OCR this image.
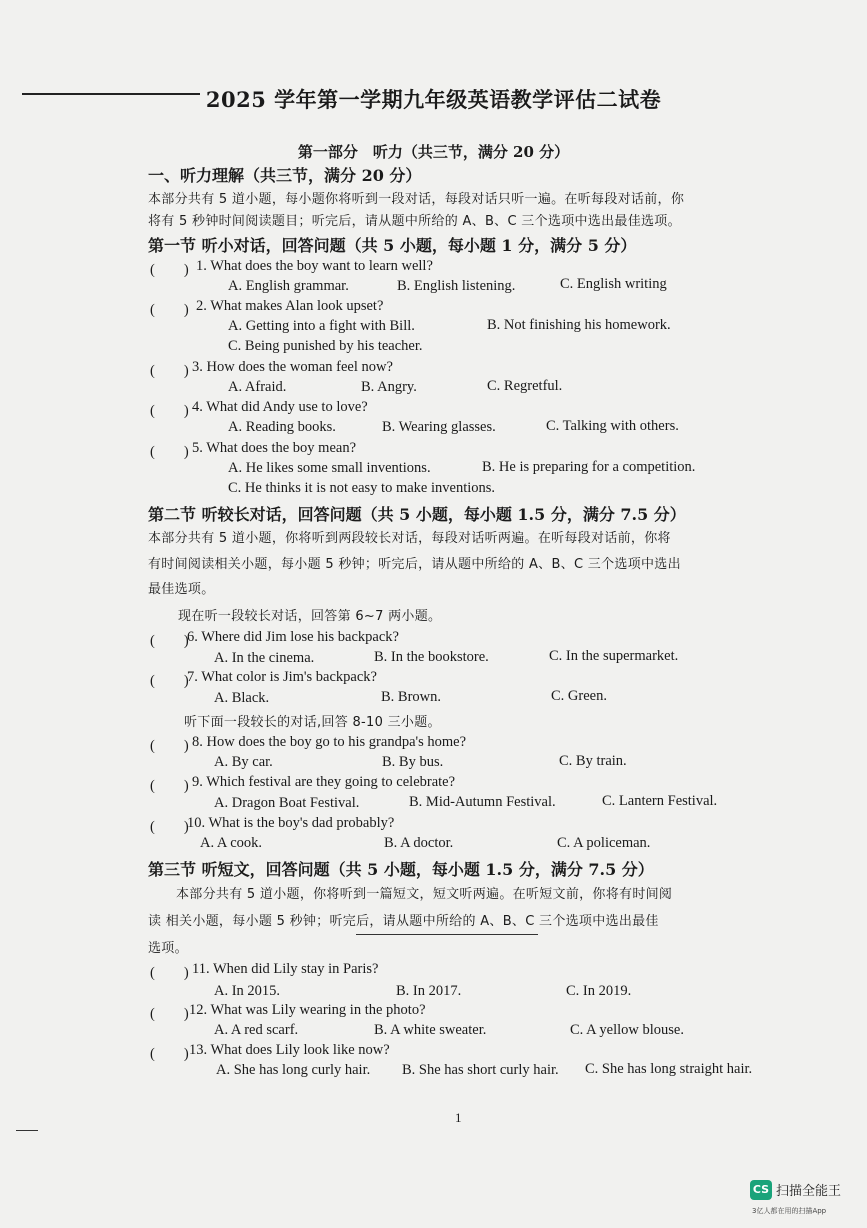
2025 学年第一学期九年级英语教学评估二试卷
第一部分　听力（共三节，满分 20 分）
一、听力理解（共三节，满分 20 分）
本部分共有 5 道小题，每小题你将听到一段对话，每段对话只听一遍。在听每段对话前，你
将有 5 秒钟时间阅读题目；听完后，请从题中所给的 A、B、C 三个选项中选出最佳选项。
第一节 听小对话，回答问题（共 5 小题，每小题 1 分，满分 5 分）
(　　) 1. What does the boy want to learn well?
A. English grammar.	B. English listening.	C. English writing
(　　) 2. What makes Alan look upset?
A. Getting into a fight with Bill.	B. Not finishing his homework.
C. Being punished by his teacher.
(　　) 3. How does the woman feel now?
A. Afraid.	B. Angry.	C. Regretful.
(　　) 4. What did Andy use to love?
A. Reading books.	B. Wearing glasses.	C. Talking with others.
(　　) 5. What does the boy mean?
A. He likes some small inventions.	B. He is preparing for a competition.
C. He thinks it is not easy to make inventions.
第二节 听较长对话，回答问题（共 5 小题，每小题 1.5 分，满分 7.5 分）
本部分共有 5 道小题，你将听到两段较长对话，每段对话听两遍。在听每段对话前，你将
有时间阅读相关小题，每小题 5 秒钟；听完后，请从题中所给的 A、B、C 三个选项中选出
最佳选项。
现在听一段较长对话，回答第 6~7 两小题。
(　　)
6. Where did Jim lose his backpack?
A. In the cinema.	B. In the bookstore.	C. In the supermarket.
(　　)
7. What color is Jim's backpack?
A. Black.	B. Brown.	C. Green.
听下面一段较长的对话,回答 8-10 三小题。
(　　) 8. How does the boy go to his grandpa's home?
A. By car.	B. By bus.	C. By train.
(　　) 9. Which festival are they going to celebrate?
A. Dragon Boat Festival.	B. Mid-Autumn Festival.	C. Lantern Festival.
(　　)
10. What is the boy's dad probably?
A. A cook.	B. A doctor.	C. A policeman.
第三节 听短文，回答问题（共 5 小题，每小题 1.5 分，满分 7.5 分）
本部分共有 5 道小题，你将听到一篇短文，短文听两遍。在听短文前，你将有时间阅
读 相关小题，每小题 5 秒钟；听完后，请从题中所给的 A、B、C 三个选项中选出最佳
选项。
(　　) 11. When did Lily stay in Paris?
A. In 2015.	B. In 2017.	C. In 2019.
(　　) 12. What was Lily wearing in the photo?
A. A red scarf.	B. A white sweater.	C. A yellow blouse.
(　　) 13. What does Lily look like now?
A. She has long curly hair. B. She has short curly hair. C. She has long straight hair.
1
CS 扫描全能王
3亿人都在用的扫描App
